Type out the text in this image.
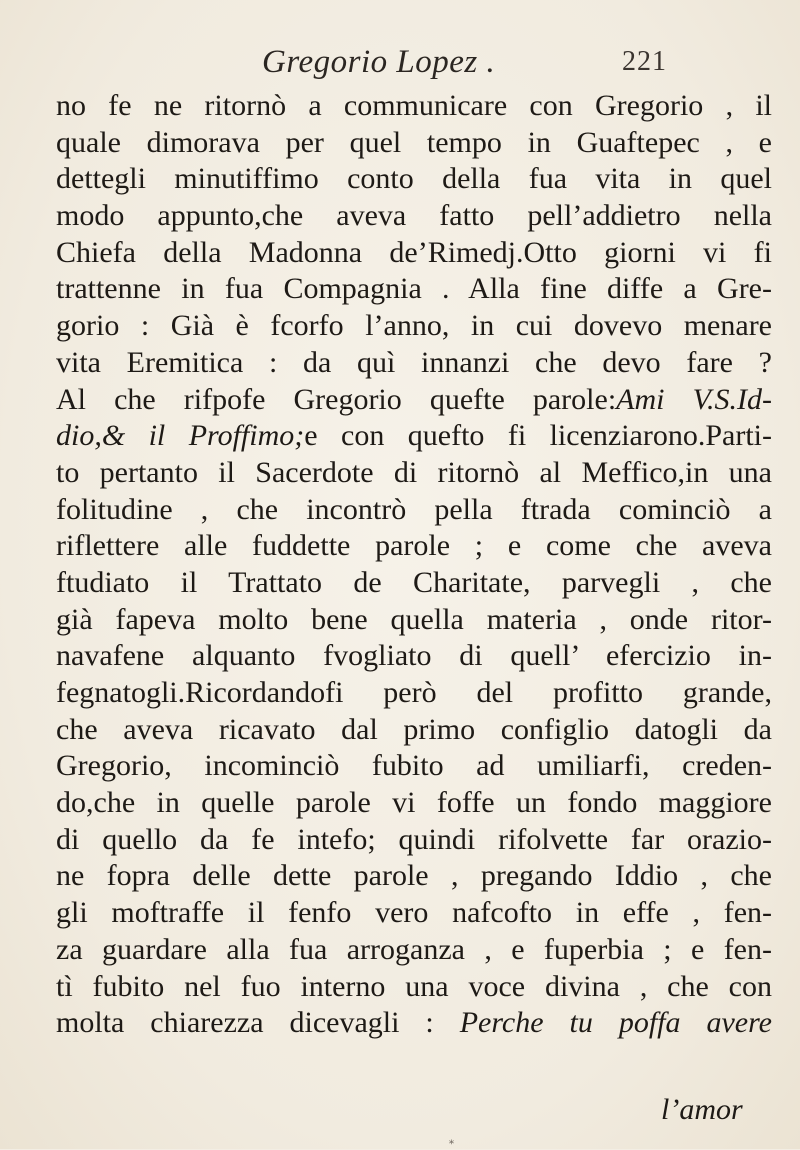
Gregorio Lopez .	221
no fe ne ritornò a communicare con Gregorio , il
quale dimorava per quel tempo in Guaftepec , e
dettegli minutiffimo conto della fua vita in quel
modo appunto,che aveva fatto pell’addietro nella
Chiefa della Madonna de’Rimedj.Otto giorni vi fi
trattenne in fua Compagnia . Alla fine diffe a Gre-
gorio : Già è fcorfo l’anno, in cui dovevo menare
vita Eremitica : da quì innanzi che devo fare ?
Al che rifpofe Gregorio quefte parole:Ami V.S.Id-
dio,& il Proffimo;e con quefto fi licenziarono.Parti-
to pertanto il Sacerdote di ritornò al Meffico,in una
folitudine , che incontrò pella ftrada cominciò a
riflettere alle fuddette parole ; e come che aveva
ftudiato il Trattato de Charitate, parvegli , che
già fapeva molto bene quella materia , onde ritor-
navafene alquanto fvogliato di quell’ efercizio in-
fegnatogli.Ricordandofi però del profitto grande,
che aveva ricavato dal primo configlio datogli da
Gregorio, incominciò fubito ad umiliarfi, creden-
do,che in quelle parole vi foffe un fondo maggiore
di quello da fe intefo; quindi rifolvette far orazio-
ne fopra delle dette parole , pregando Iddio , che
gli moftraffe il fenfo vero nafcofto in effe , fen-
za guardare alla fua arroganza , e fuperbia ; e fen-
tì fubito nel fuo interno una voce divina , che con
molta chiarezza dicevagli : Perche tu poffa avere
l’amor
*
